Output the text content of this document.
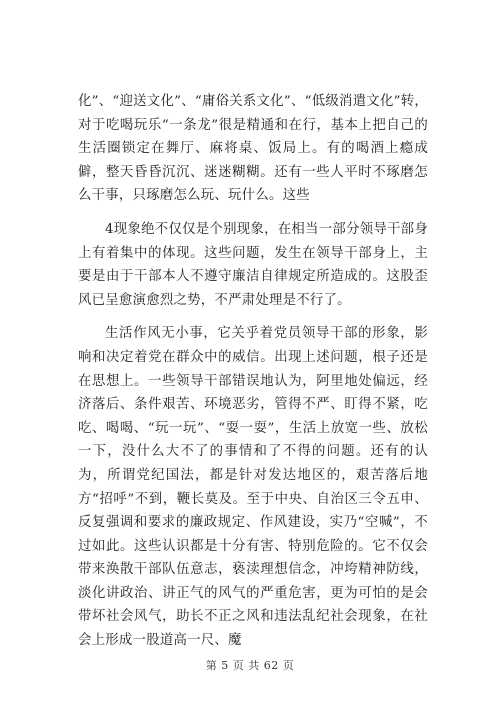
化”、“迎送文化”、“庸俗关系文化”、“低级消遣文化”转，对于吃喝玩乐“一条龙”很是精通和在行，基本上把自己的生活圈锁定在舞厅、麻将桌、饭局上。有的喝酒上瘾成僻，整天昏昏沉沉、迷迷糊糊。还有一些人平时不琢磨怎么干事，只琢磨怎么玩、玩什么。这些

4现象绝不仅仅是个别现象，在相当一部分领导干部身上有着集中的体现。这些问题，发生在领导干部身上，主要是由于干部本人不遵守廉洁自律规定所造成的。这股歪风已呈愈演愈烈之势，不严肃处理是不行了。

生活作风无小事，它关乎着党员领导干部的形象，影响和决定着党在群众中的威信。出现上述问题，根子还是在思想上。一些领导干部错误地认为，阿里地处偏远，经济落后、条件艰苦、环境恶劣，管得不严、盯得不紧，吃吃、喝喝、“玩一玩”、“耍一耍”，生活上放宽一些、放松一下，没什么大不了的事情和了不得的问题。还有的认为，所谓党纪国法，都是针对发达地区的，艰苦落后地方“招呼”不到，鞭长莫及。至于中央、自治区三令五申、反复强调和要求的廉政规定、作风建设，实乃“空喊”，不过如此。这些认识都是十分有害、特别危险的。它不仅会带来涣散干部队伍意志，亵渎理想信念，冲垮精神防线，淡化讲政治、讲正气的风气的严重危害，更为可怕的是会带坏社会风气，助长不正之风和违法乱纪社会现象，在社会上形成一股道高一尺、魔

第 5 页 共 62 页
